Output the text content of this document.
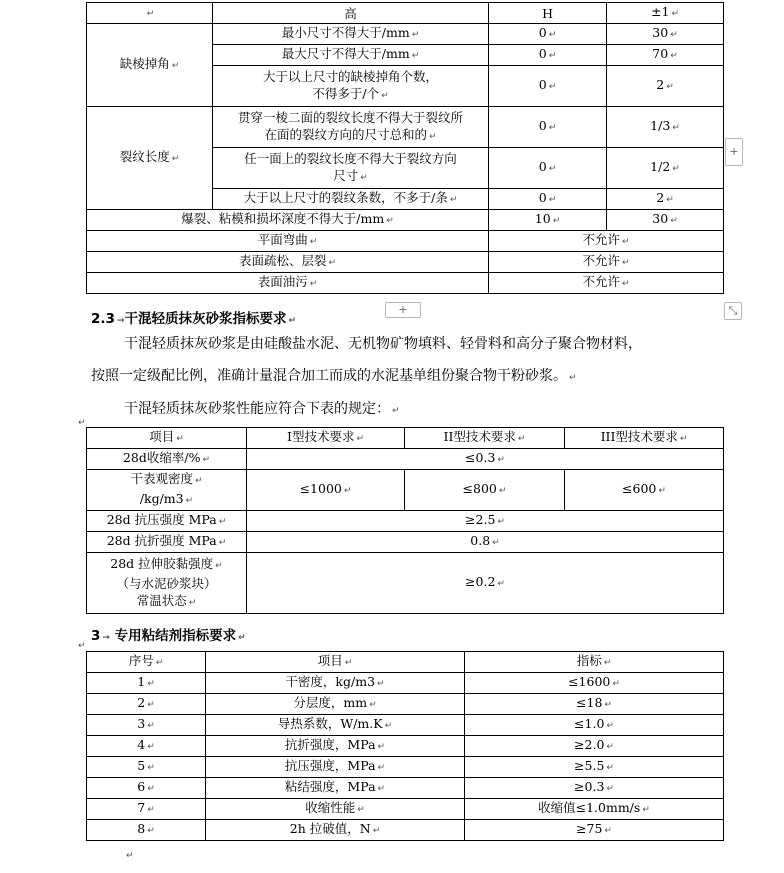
↵	高	H	±1 ↵	
缺棱掉角 ↵	最小尺寸不得大于/mm ↵	0 ↵	30 ↵	
	最大尺寸不得大于/mm ↵	0 ↵	70 ↵	
	大于以上尺寸的缺棱掉角个数，
不得多于/个 ↵	0 ↵	2 ↵	
裂纹长度 ↵	贯穿一棱二面的裂纹长度不得大于裂纹所
在面的裂纹方向的尺寸总和的 ↵	0 ↵	1/3 ↵	
	任一面上的裂纹长度不得大于裂纹方向
尺寸 ↵	0 ↵	1/2 ↵	
	大于以上尺寸的裂纹条数，不多于/条 ↵	0 ↵	2 ↵	
爆裂、粘模和损坏深度不得大于/mm ↵		10 ↵	30 ↵	
平面弯曲 ↵		不允许 ↵		
表面疏松、层裂 ↵		不允许 ↵		
表面油污 ↵		不允许 ↵		
+
+	⤡
2.3 →干混轻质抹灰砂浆指标要求 ↵
干混轻质抹灰砂浆是由硅酸盐水泥、无机物矿物填料、轻骨料和高分子聚合物材料，
按照一定级配比例，准确计量混合加工而成的水泥基单组份聚合物干粉砂浆。 ↵
干混轻质抹灰砂浆性能应符合下表的规定： ↵
↵
项目 ↵	I型技术要求 ↵	II型技术要求 ↵	III型技术要求 ↵
28d收缩率/% ↵	≤0.3 ↵		
干表观密度 ↵
/kg/m3 ↵	≤1000 ↵	≤800 ↵	≤600 ↵
28d 抗压强度 MPa ↵	≥2.5 ↵		
28d 抗折强度 MPa ↵	0.8 ↵		
28d 拉伸胶黏强度 ↵
（与水泥砂浆块）
常温状态 ↵	≥0.2 ↵		
3 → 专用粘结剂指标要求 ↵
↵
序号 ↵	项目 ↵	指标 ↵
1 ↵	干密度，kg/m3 ↵	≤1600 ↵
2 ↵	分层度，mm ↵	≤18 ↵
3 ↵	导热系数，W/m.K ↵	≤1.0 ↵
4 ↵	抗折强度，MPa ↵	≥2.0 ↵
5 ↵	抗压强度，MPa ↵	≥5.5 ↵
6 ↵	粘结强度，MPa ↵	≥0.3 ↵
7 ↵	收缩性能 ↵	收缩值≤1.0mm/s ↵
8 ↵	2h 拉破值，N ↵	≥75 ↵
↵
